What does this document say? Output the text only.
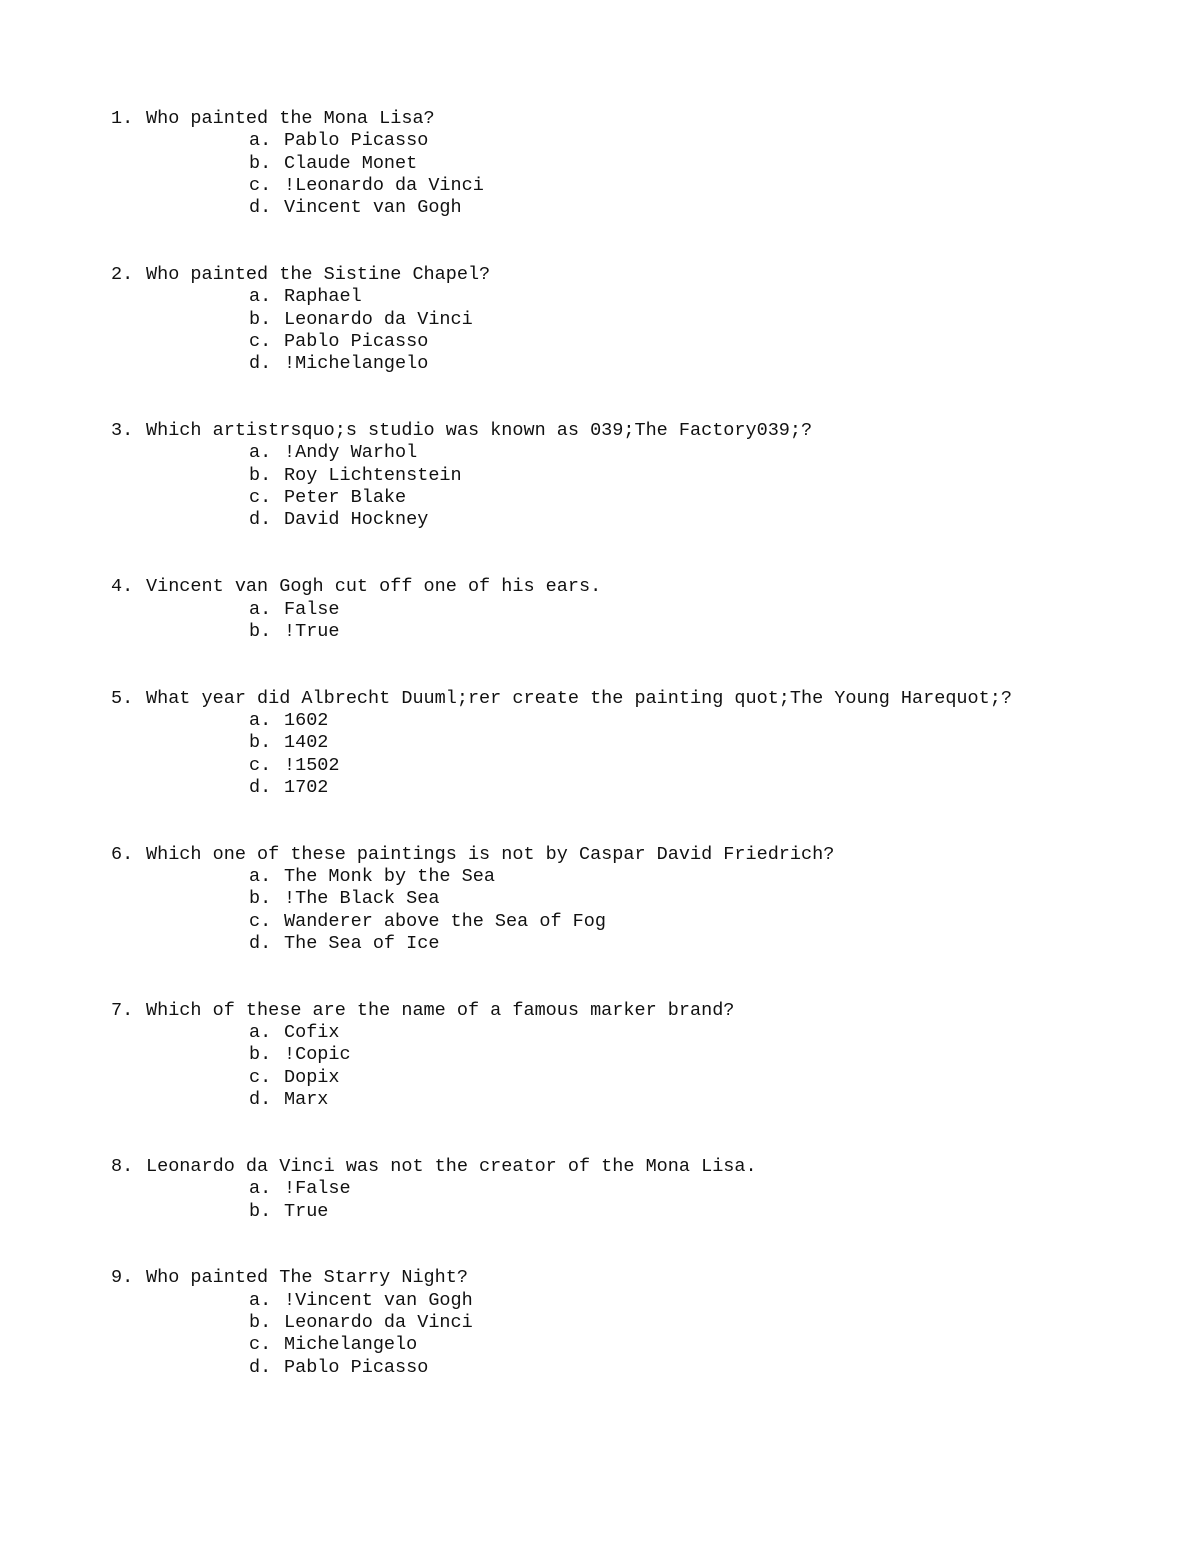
1. Who painted the Mona Lisa?
a. Pablo Picasso
b. Claude Monet
c. !Leonardo da Vinci
d. Vincent van Gogh
2. Who painted the Sistine Chapel?
a. Raphael
b. Leonardo da Vinci
c. Pablo Picasso
d. !Michelangelo
3. Which artistrsquo;s studio was known as 039;The Factory039;?
a. !Andy Warhol
b. Roy Lichtenstein
c. Peter Blake
d. David Hockney
4. Vincent van Gogh cut off one of his ears.
a. False
b. !True
5. What year did Albrecht Duuml;rer create the painting quot;The Young Harequot;?
a. 1602
b. 1402
c. !1502
d. 1702
6. Which one of these paintings is not by Caspar David Friedrich?
a. The Monk by the Sea
b. !The Black Sea
c. Wanderer above the Sea of Fog
d. The Sea of Ice
7. Which of these are the name of a famous marker brand?
a. Cofix
b. !Copic
c. Dopix
d. Marx
8. Leonardo da Vinci was not the creator of the Mona Lisa.
a. !False
b. True
9. Who painted The Starry Night?
a. !Vincent van Gogh
b. Leonardo da Vinci
c. Michelangelo
d. Pablo Picasso
